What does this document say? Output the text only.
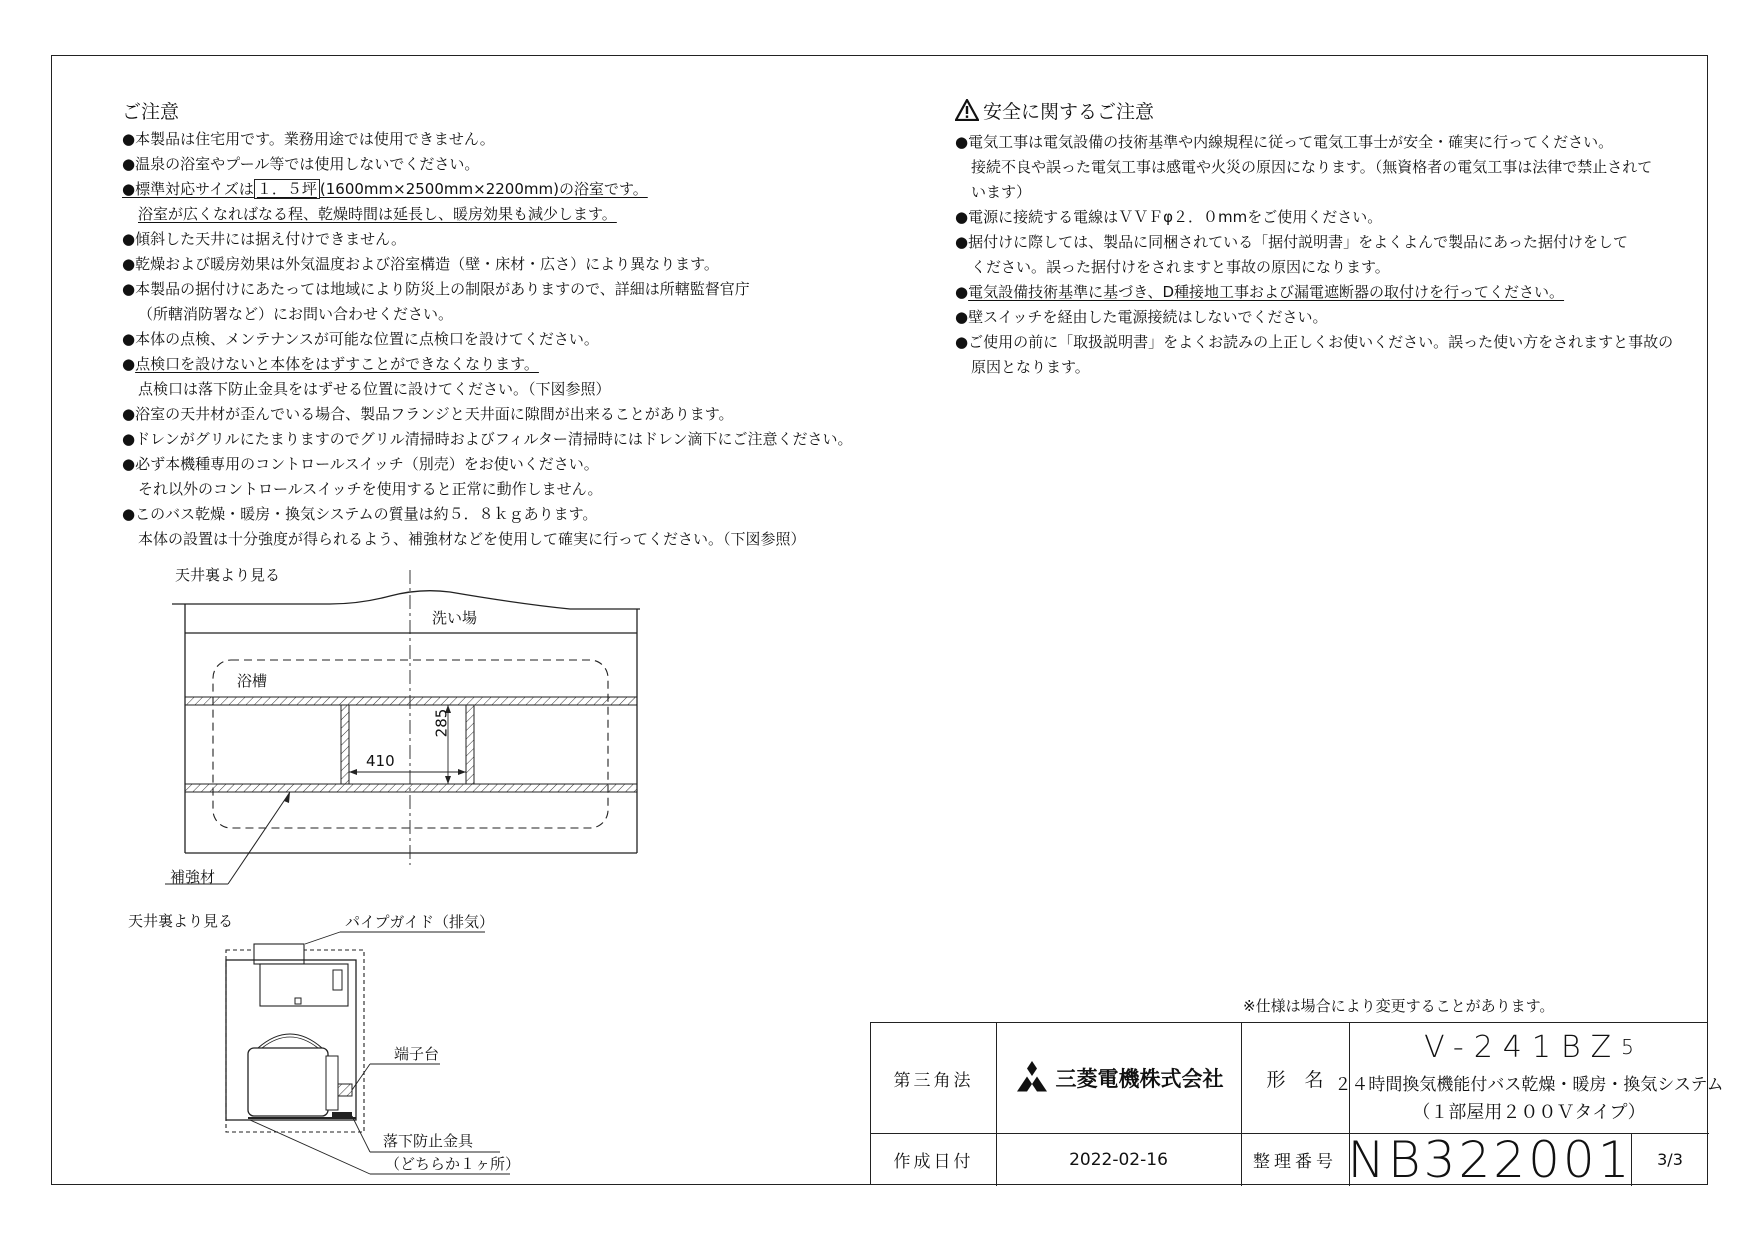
ご注意
●本製品は住宅用です。業務用途では使用できません。
●温泉の浴室やプール等では使用しないでください。
●標準対応サイズは １．５坪 (1600mm×2500mm×2200mm)の浴室です。
浴室が広くなればなる程、乾燥時間は延長し、暖房効果も減少します。
●傾斜した天井には据え付けできません。
●乾燥および暖房効果は外気温度および浴室構造（壁・床材・広さ）により異なります。
●本製品の据付けにあたっては地域により防災上の制限がありますので、詳細は所轄監督官庁
（所轄消防署など）にお問い合わせください。
●本体の点検、メンテナンスが可能な位置に点検口を設けてください。
●点検口を設けないと本体をはずすことができなくなります。
点検口は落下防止金具をはずせる位置に設けてください。（下図参照）
●浴室の天井材が歪んでいる場合、製品フランジと天井面に隙間が出来ることがあります。
●ドレンがグリルにたまりますのでグリル清掃時およびフィルター清掃時にはドレン滴下にご注意ください。
●必ず本機種専用のコントロールスイッチ（別売）をお使いください。
それ以外のコントロールスイッチを使用すると正常に動作しません。
●このバス乾燥・暖房・換気システムの質量は約５．８ｋｇあります。
本体の設置は十分強度が得られるよう、補強材などを使用して確実に行ってください。（下図参照）
安全に関するご注意
●電気工事は電気設備の技術基準や内線規程に従って電気工事士が安全・確実に行ってください。
接続不良や誤った電気工事は感電や火災の原因になります。（無資格者の電気工事は法律で禁止されて
います）
●電源に接続する電線はＶＶＦφ２．０mmをご使用ください。
●据付けに際しては、製品に同梱されている「据付説明書」をよくよんで製品にあった据付けをして
ください。誤った据付けをされますと事故の原因になります。
●電気設備技術基準に基づき、D種接地工事および漏電遮断器の取付けを行ってください。
●壁スイッチを経由した電源接続はしないでください。
●ご使用の前に「取扱説明書」をよくお読みの上正しくお使いください。誤った使い方をされますと事故の
原因となります。
天井裏より見る
洗い場
浴槽
410
285
補強材
天井裏より見る	パイプガイド（排気）
端子台
落下防止金具
（どちらか１ヶ所）
※仕様は場合により変更することがあります。
第三角法	三菱電機株式会社	形　名
V-241BZ 5
２４時間換気機能付バス乾燥・暖房・換気システム
（１部屋用２００Ｖタイプ）
作成日付	2022-02-16	整理番号 NB322001	3/3
